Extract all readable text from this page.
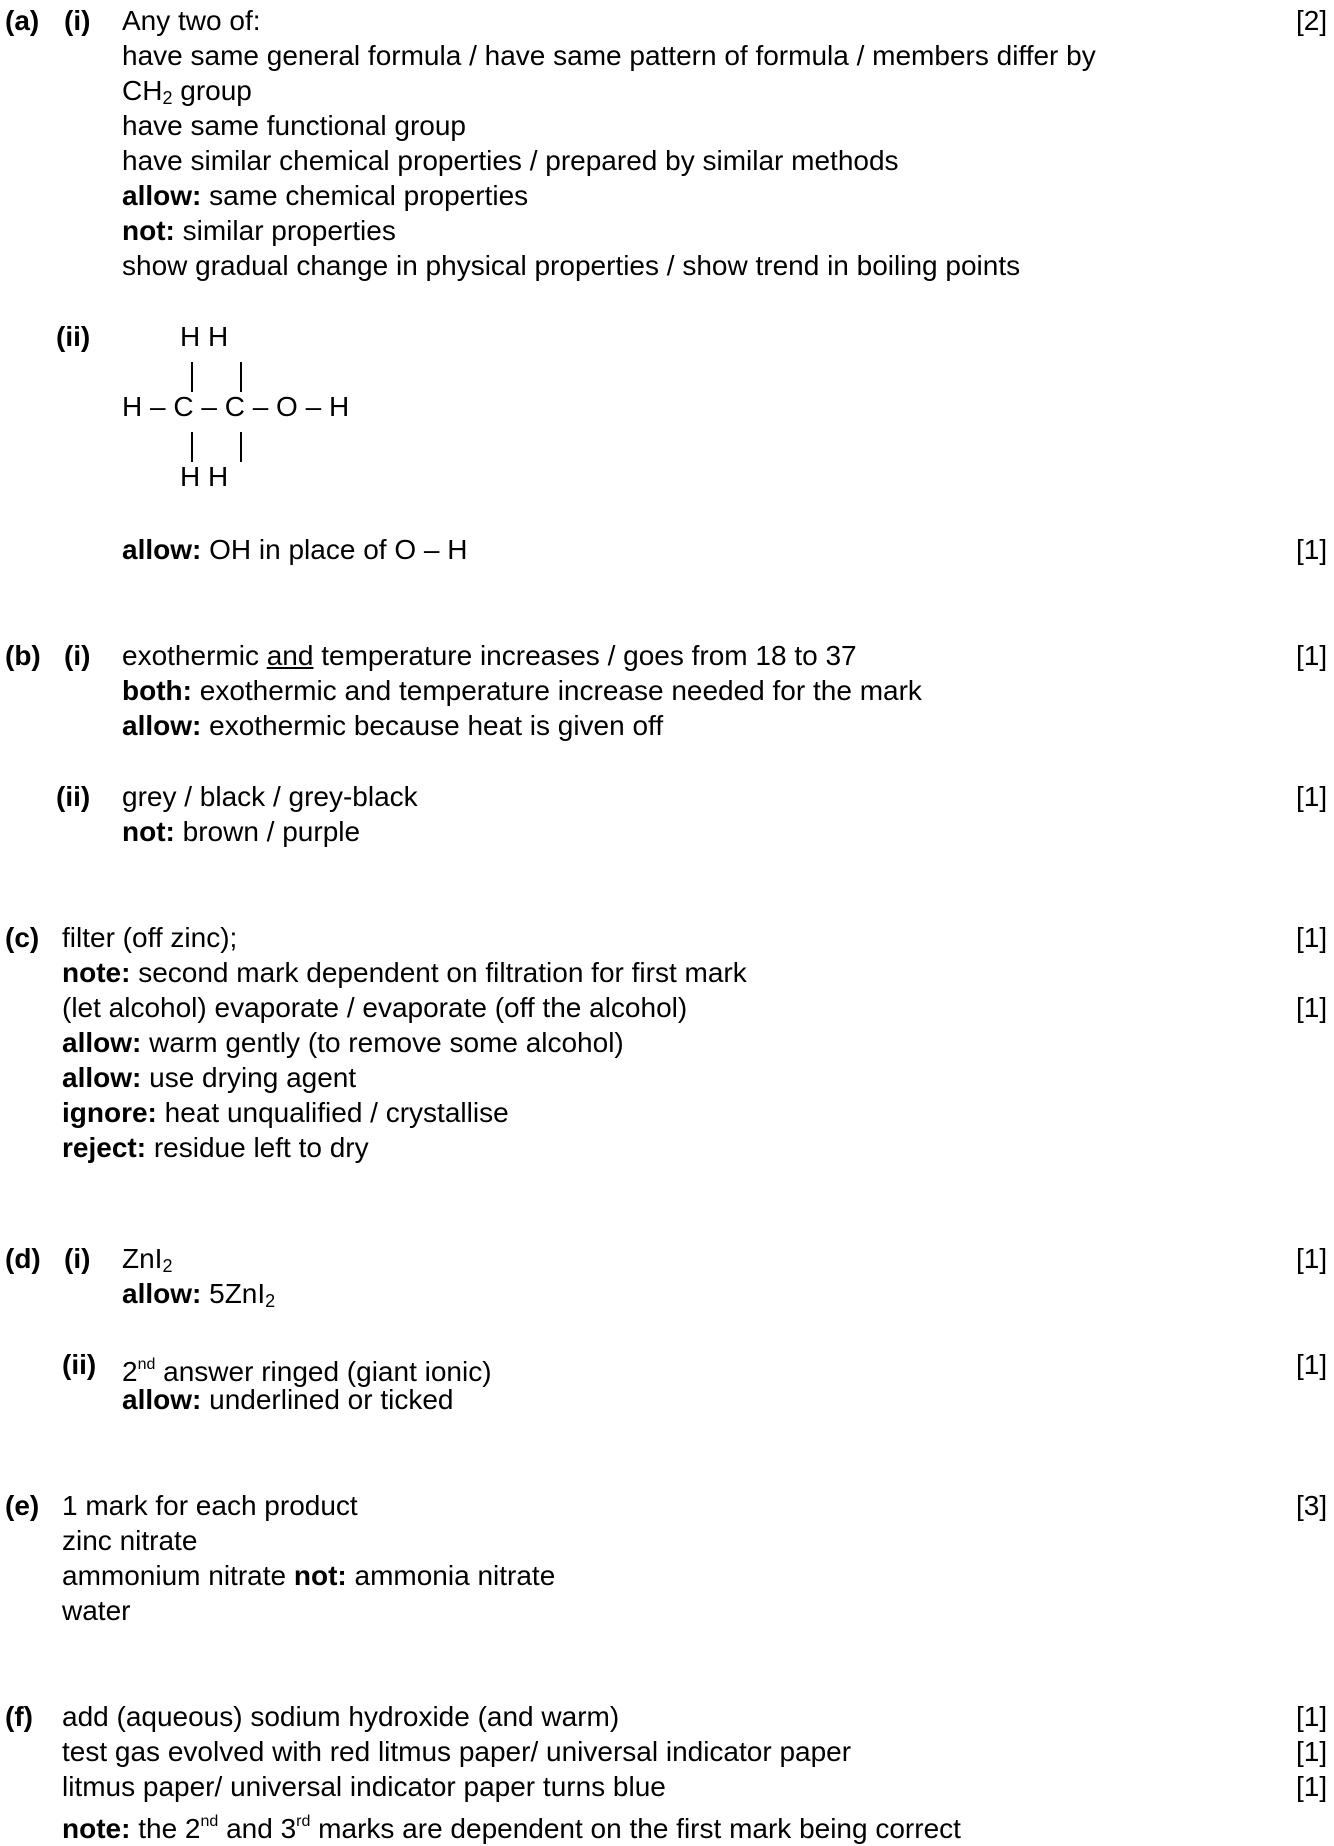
(a) (i) Any two of:	[2]
have same general formula / have same pattern of formula / members differ by
$CH_2$ group
have same functional group
have similar chemical properties / prepared by similar methods
allow: same chemical properties
not: similar properties
show gradual change in physical properties / show trend in boiling points
(ii)	H H
H – C – C – O – H
H H
allow: OH in place of O – H	[1]
(b) (i) exothermic and temperature increases / goes from 18 to 37	[1]
both: exothermic and temperature increase needed for the mark
allow: exothermic because heat is given off
(ii) grey / black / grey-black	[1]
not: brown / purple
(c) filter (off zinc);	[1]
note: second mark dependent on filtration for first mark
(let alcohol) evaporate / evaporate (off the alcohol)	[1]
allow: warm gently (to remove some alcohol)
allow: use drying agent
ignore: heat unqualified / crystallise
reject: residue left to dry
(d) (i) ZnI$_2$	[1]
allow: 5ZnI$_2$
(ii) 2nd answer ringed (giant ionic)	[1]
allow: underlined or ticked
(e) 1 mark for each product	[3]
zinc nitrate
ammonium nitrate not: ammonia nitrate
water
(f) add (aqueous) sodium hydroxide (and warm)	[1]
test gas evolved with red litmus paper/ universal indicator paper	[1]
litmus paper/ universal indicator paper turns blue	[1]
note: the 2nd and 3rd marks are dependent on the first mark being correct
